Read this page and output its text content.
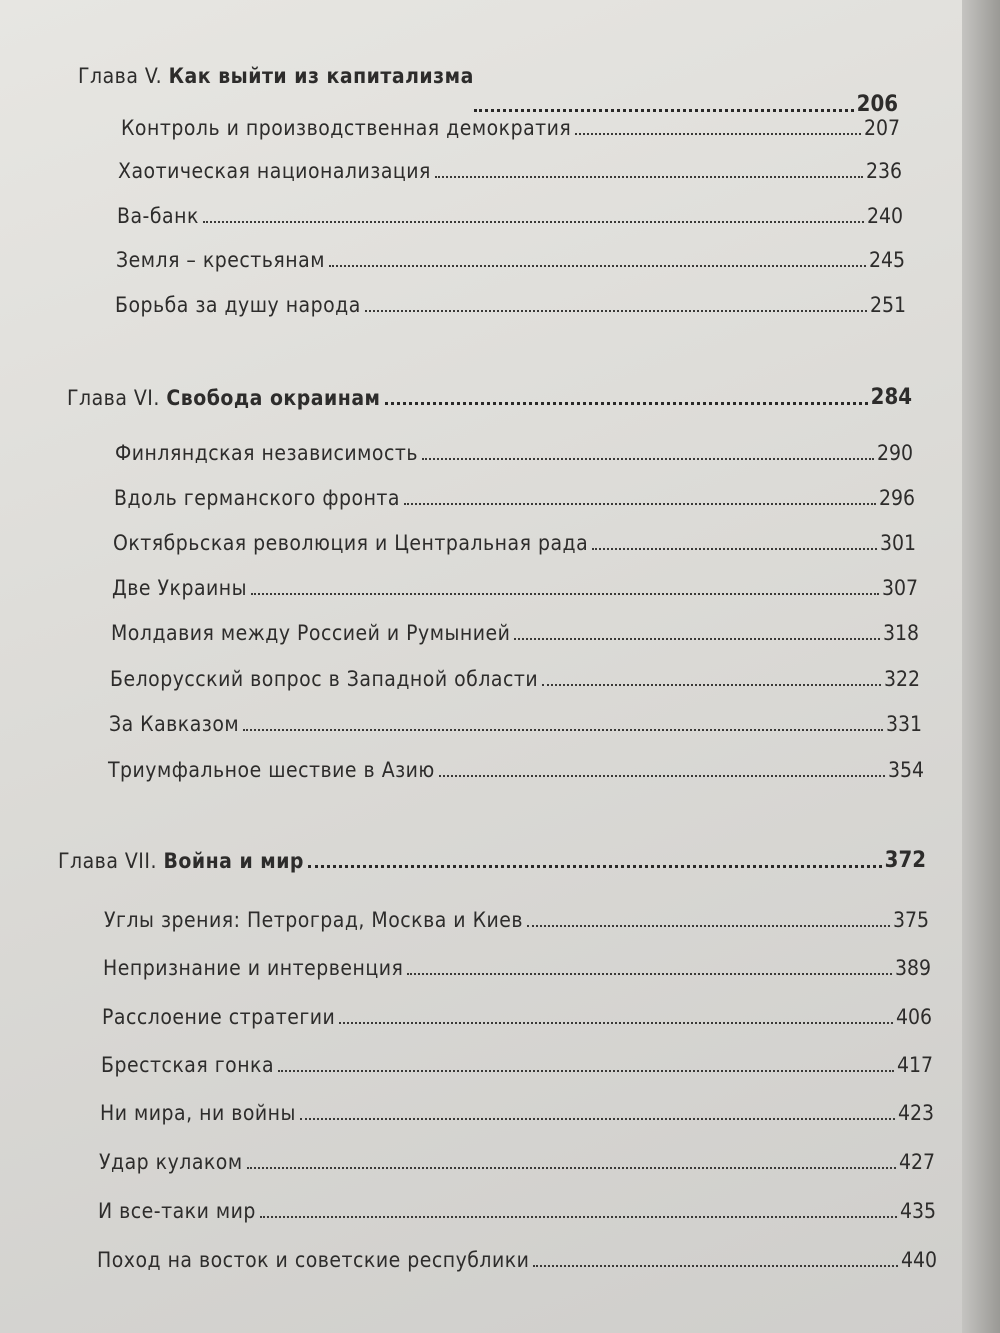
Глава V. Как выйти из капитализма
206
Контроль и производственная демократия	207
Хаотическая национализация	236
Ва-банк	240
Земля – крестьянам	245
Борьба за душу народа	251
Глава VI. Свобода окраинам	284
Финляндская независимость	290
Вдоль германского фронта	296
Октябрьская революция и Центральная рада	301
Две Украины	307
Молдавия между Россией и Румынией	318
Белорусский вопрос в Западной области	322
За Кавказом	331
Триумфальное шествие в Азию	354
Глава VII. Война и мир	372
Углы зрения: Петроград, Москва и Киев	375
Непризнание и интервенция	389
Расслоение стратегии	406
Брестская гонка	417
Ни мира, ни войны	423
Удар кулаком	427
И все-таки мир	435
Поход на восток и советские республики	440
